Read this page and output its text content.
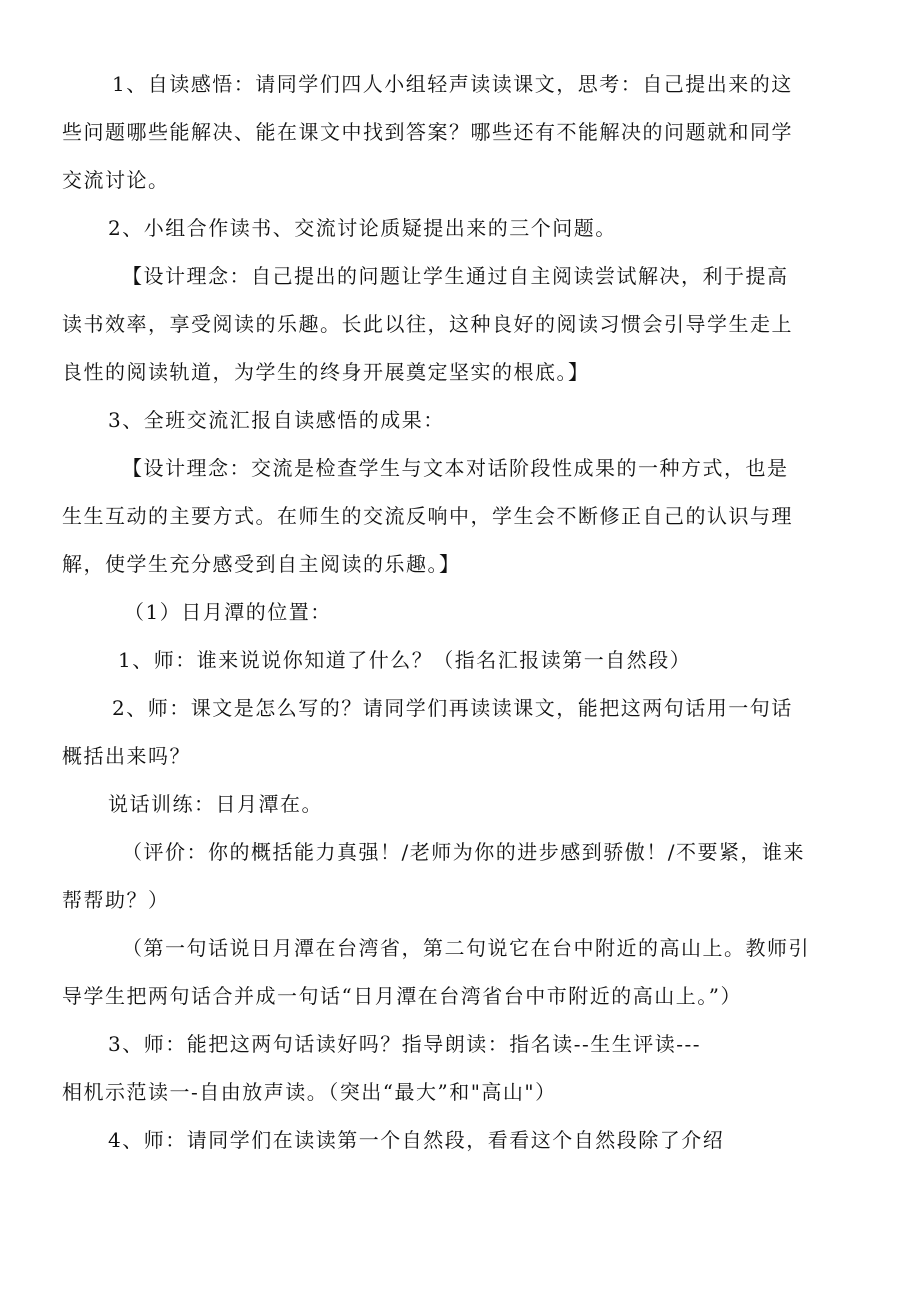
1、自读感悟：请同学们四人小组轻声读读课文，思考：自己提出来的这
些问题哪些能解决、能在课文中找到答案？哪些还有不能解决的问题就和同学
交流讨论。
2、小组合作读书、交流讨论质疑提出来的三个问题。
【设计理念：自己提出的问题让学生通过自主阅读尝试解决，利于提高
读书效率，享受阅读的乐趣。长此以往，这种良好的阅读习惯会引导学生走上
良性的阅读轨道，为学生的终身开展奠定坚实的根底。】
3、全班交流汇报自读感悟的成果：
【设计理念：交流是检查学生与文本对话阶段性成果的一种方式，也是
生生互动的主要方式。在师生的交流反响中，学生会不断修正自己的认识与理
解，使学生充分感受到自主阅读的乐趣。】
（1）日月潭的位置：
1、师：谁来说说你知道了什么？（指名汇报读第一自然段）
2、师：课文是怎么写的？请同学们再读读课文，能把这两句话用一句话
概括出来吗？
说话训练：日月潭在。
（评价：你的概括能力真强！/老师为你的进步感到骄傲！/不要紧，谁来
帮帮助？）
（第一句话说日月潭在台湾省，第二句说它在台中附近的高山上。教师引
导学生把两句话合并成一句话“日月潭在台湾省台中市附近的高山上。”）
3、师：能把这两句话读好吗？指导朗读：指名读--生生评读---
相机示范读一-自由放声读。（突出“最大”和"高山"）
4、师：请同学们在读读第一个自然段，看看这个自然段除了介绍
